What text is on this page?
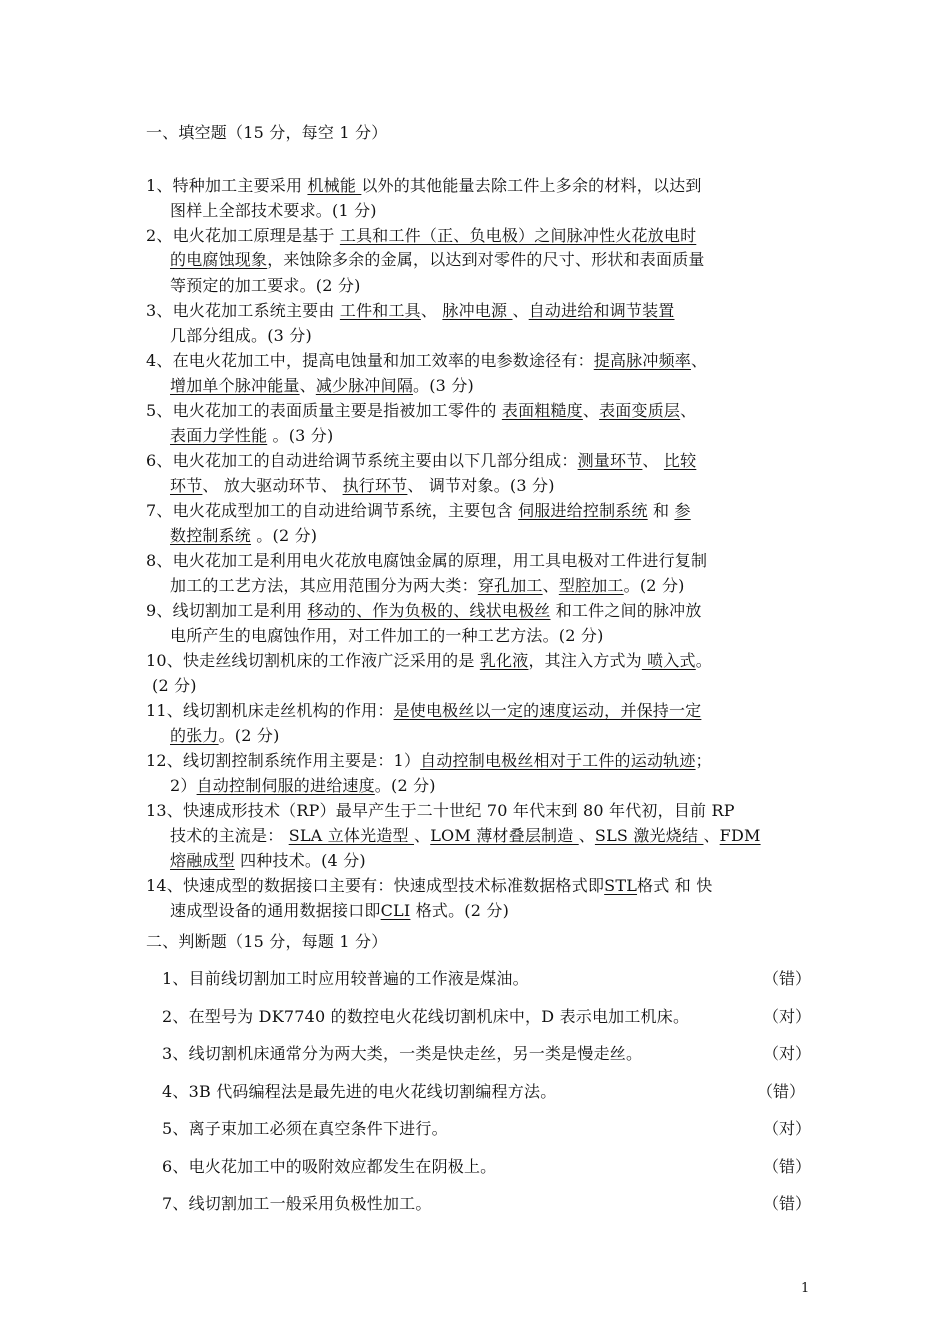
一、填空题（15 分，每空 1 分）
1、特种加工主要采用 机械能 以外的其他能量去除工件上多余的材料，以达到
图样上全部技术要求。(1 分)
2、电火花加工原理是基于 工具和工件（正、负电极）之间脉冲性火花放电时
的电腐蚀现象，来蚀除多余的金属，以达到对零件的尺寸、形状和表面质量
等预定的加工要求。(2 分)
3、电火花加工系统主要由 工件和工具、 脉冲电源 、自动进给和调节装置
几部分组成。(3 分)
4、在电火花加工中，提高电蚀量和加工效率的电参数途径有：提高脉冲频率、
增加单个脉冲能量、减少脉冲间隔。(3 分)
5、电火花加工的表面质量主要是指被加工零件的 表面粗糙度、表面变质层、
表面力学性能 。(3 分)
6、电火花加工的自动进给调节系统主要由以下几部分组成：测量环节、 比较
环节、 放大驱动环节、 执行环节、 调节对象。(3 分)
7、电火花成型加工的自动进给调节系统，主要包含 伺服进给控制系统 和 参
数控制系统 。(2 分)
8、电火花加工是利用电火花放电腐蚀金属的原理，用工具电极对工件进行复制
加工的工艺方法，其应用范围分为两大类：穿孔加工、型腔加工。(2 分)
9、线切割加工是利用 移动的、作为负极的、线状电极丝 和工件之间的脉冲放
电所产生的电腐蚀作用，对工件加工的一种工艺方法。(2 分)
10、快走丝线切割机床的工作液广泛采用的是 乳化液，其注入方式为 喷入式。
(2 分)
11、线切割机床走丝机构的作用：是使电极丝以一定的速度运动，并保持一定
的张力。(2 分)
12、线切割控制系统作用主要是：1）自动控制电极丝相对于工件的运动轨迹；
2）自动控制伺服的进给速度。(2 分)
13、快速成形技术（RP）最早产生于二十世纪 70 年代末到 80 年代初，目前 RP
技术的主流是： SLA 立体光造型 、LOM 薄材叠层制造 、SLS 激光烧结 、FDM
熔融成型 四种技术。(4 分)
14、快速成型的数据接口主要有：快速成型技术标准数据格式即STL格式 和 快
速成型设备的通用数据接口即CLI 格式。(2 分)
二、判断题（15 分，每题 1 分）
1、目前线切割加工时应用较普遍的工作液是煤油。	（错）
2、在型号为 DK7740 的数控电火花线切割机床中，D 表示电加工机床。	（对）
3、线切割机床通常分为两大类，一类是快走丝，另一类是慢走丝。	（对）
4、3B 代码编程法是最先进的电火花线切割编程方法。	（错）
5、离子束加工必须在真空条件下进行。	（对）
6、电火花加工中的吸附效应都发生在阴极上。	（错）
7、线切割加工一般采用负极性加工。	（错）
1
